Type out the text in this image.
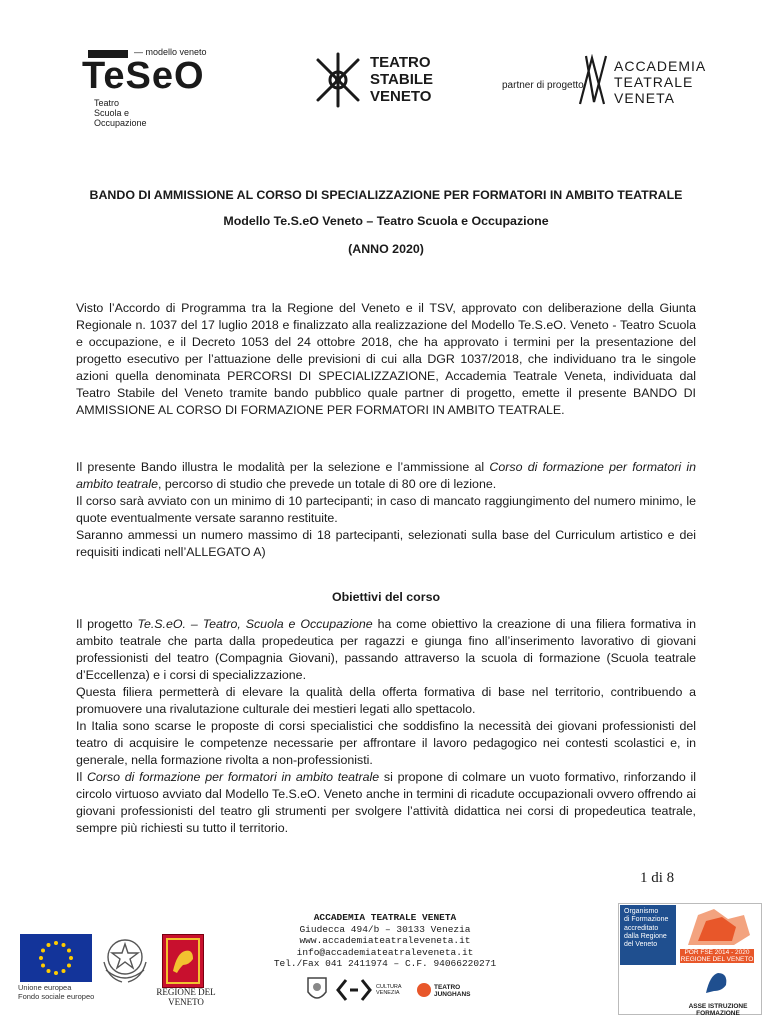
— modello veneto
TeSeO
Teatro
Scuola e
Occupazione
TEATRO
STABILE
VENETO
partner di progetto
ACCADEMIA
TEATRALE
VENETA
BANDO DI AMMISSIONE AL CORSO DI SPECIALIZZAZIONE PER FORMATORI IN AMBITO TEATRALE
Modello Te.S.eO Veneto – Teatro Scuola e Occupazione
(ANNO 2020)

Visto l’Accordo di Programma tra la Regione del Veneto e il TSV, approvato con deliberazione della Giunta Regionale n. 1037 del 17 luglio 2018 e finalizzato alla realizzazione del Modello Te.S.eO. Veneto - Teatro Scuola e occupazione, e il Decreto 1053 del 24 ottobre 2018, che ha approvato i termini per la presentazione del progetto esecutivo per l’attuazione delle previsioni di cui alla DGR 1037/2018, che individuano tra le singole azioni quella denominata PERCORSI DI SPECIALIZZAZIONE, Accademia Teatrale Veneta, individuata dal Teatro Stabile del Veneto tramite bando pubblico quale partner di progetto, emette il presente BANDO DI AMMISSIONE AL CORSO DI FORMAZIONE PER FORMATORI IN AMBITO TEATRALE.

Il presente Bando illustra le modalità per la selezione e l’ammissione al Corso di formazione per formatori in ambito teatrale, percorso di studio che prevede un totale di 80 ore di lezione.

Il corso sarà avviato con un minimo di 10 partecipanti; in caso di mancato raggiungimento del numero minimo, le quote eventualmente versate saranno restituite.

Saranno ammessi un numero massimo di 18 partecipanti, selezionati sulla base del Curriculum artistico e dei requisiti indicati nell’ALLEGATO A)

Obiettivi del corso

Il progetto Te.S.eO. – Teatro, Scuola e Occupazione ha come obiettivo la creazione di una filiera formativa in ambito teatrale che parta dalla propedeutica per ragazzi e giunga fino all’inserimento lavorativo di giovani professionisti del teatro (Compagnia Giovani), passando attraverso la scuola di formazione (Scuola teatrale d’Eccellenza) e i corsi di specializzazione.

Questa filiera permetterà di elevare la qualità della offerta formativa di base nel territorio, contribuendo a promuovere una rivalutazione culturale dei mestieri legati allo spettacolo.

In Italia sono scarse le proposte di corsi specialistici che soddisfino la necessità dei giovani professionisti del teatro di acquisire le competenze necessarie per affrontare il lavoro pedagogico nei contesti scolastici e, in generale, nella formazione rivolta a non-professionisti.

Il Corso di formazione per formatori in ambito teatrale si propone di colmare un vuoto formativo, rinforzando il circolo virtuoso avviato dal Modello Te.S.eO. Veneto anche in termini di ricadute occupazionali ovvero offrendo ai giovani professionisti del teatro gli strumenti per svolgere l’attività didattica nei corsi di propedeutica teatrale, sempre più richiesti su tutto il territorio.

1 di 8
Unione europea
Fondo sociale europeo	REGIONE DEL VENETO
ACCADEMIA TEATRALE VENETA
Giudecca 494/b – 30133 Venezia
www.accademiateatraleveneta.it
info@accademiateatraleveneta.it
Tel./Fax 041 2411974 – C.F. 94066220271
CULTURA VENEZIA
TEATRO JUNGHANS
Organismo
di Formazione
accreditato
dalla Regione
del Veneto
POR FSE 2014 - 2020
REGIONE DEL VENETO
ASSE ISTRUZIONE FORMAZIONE
